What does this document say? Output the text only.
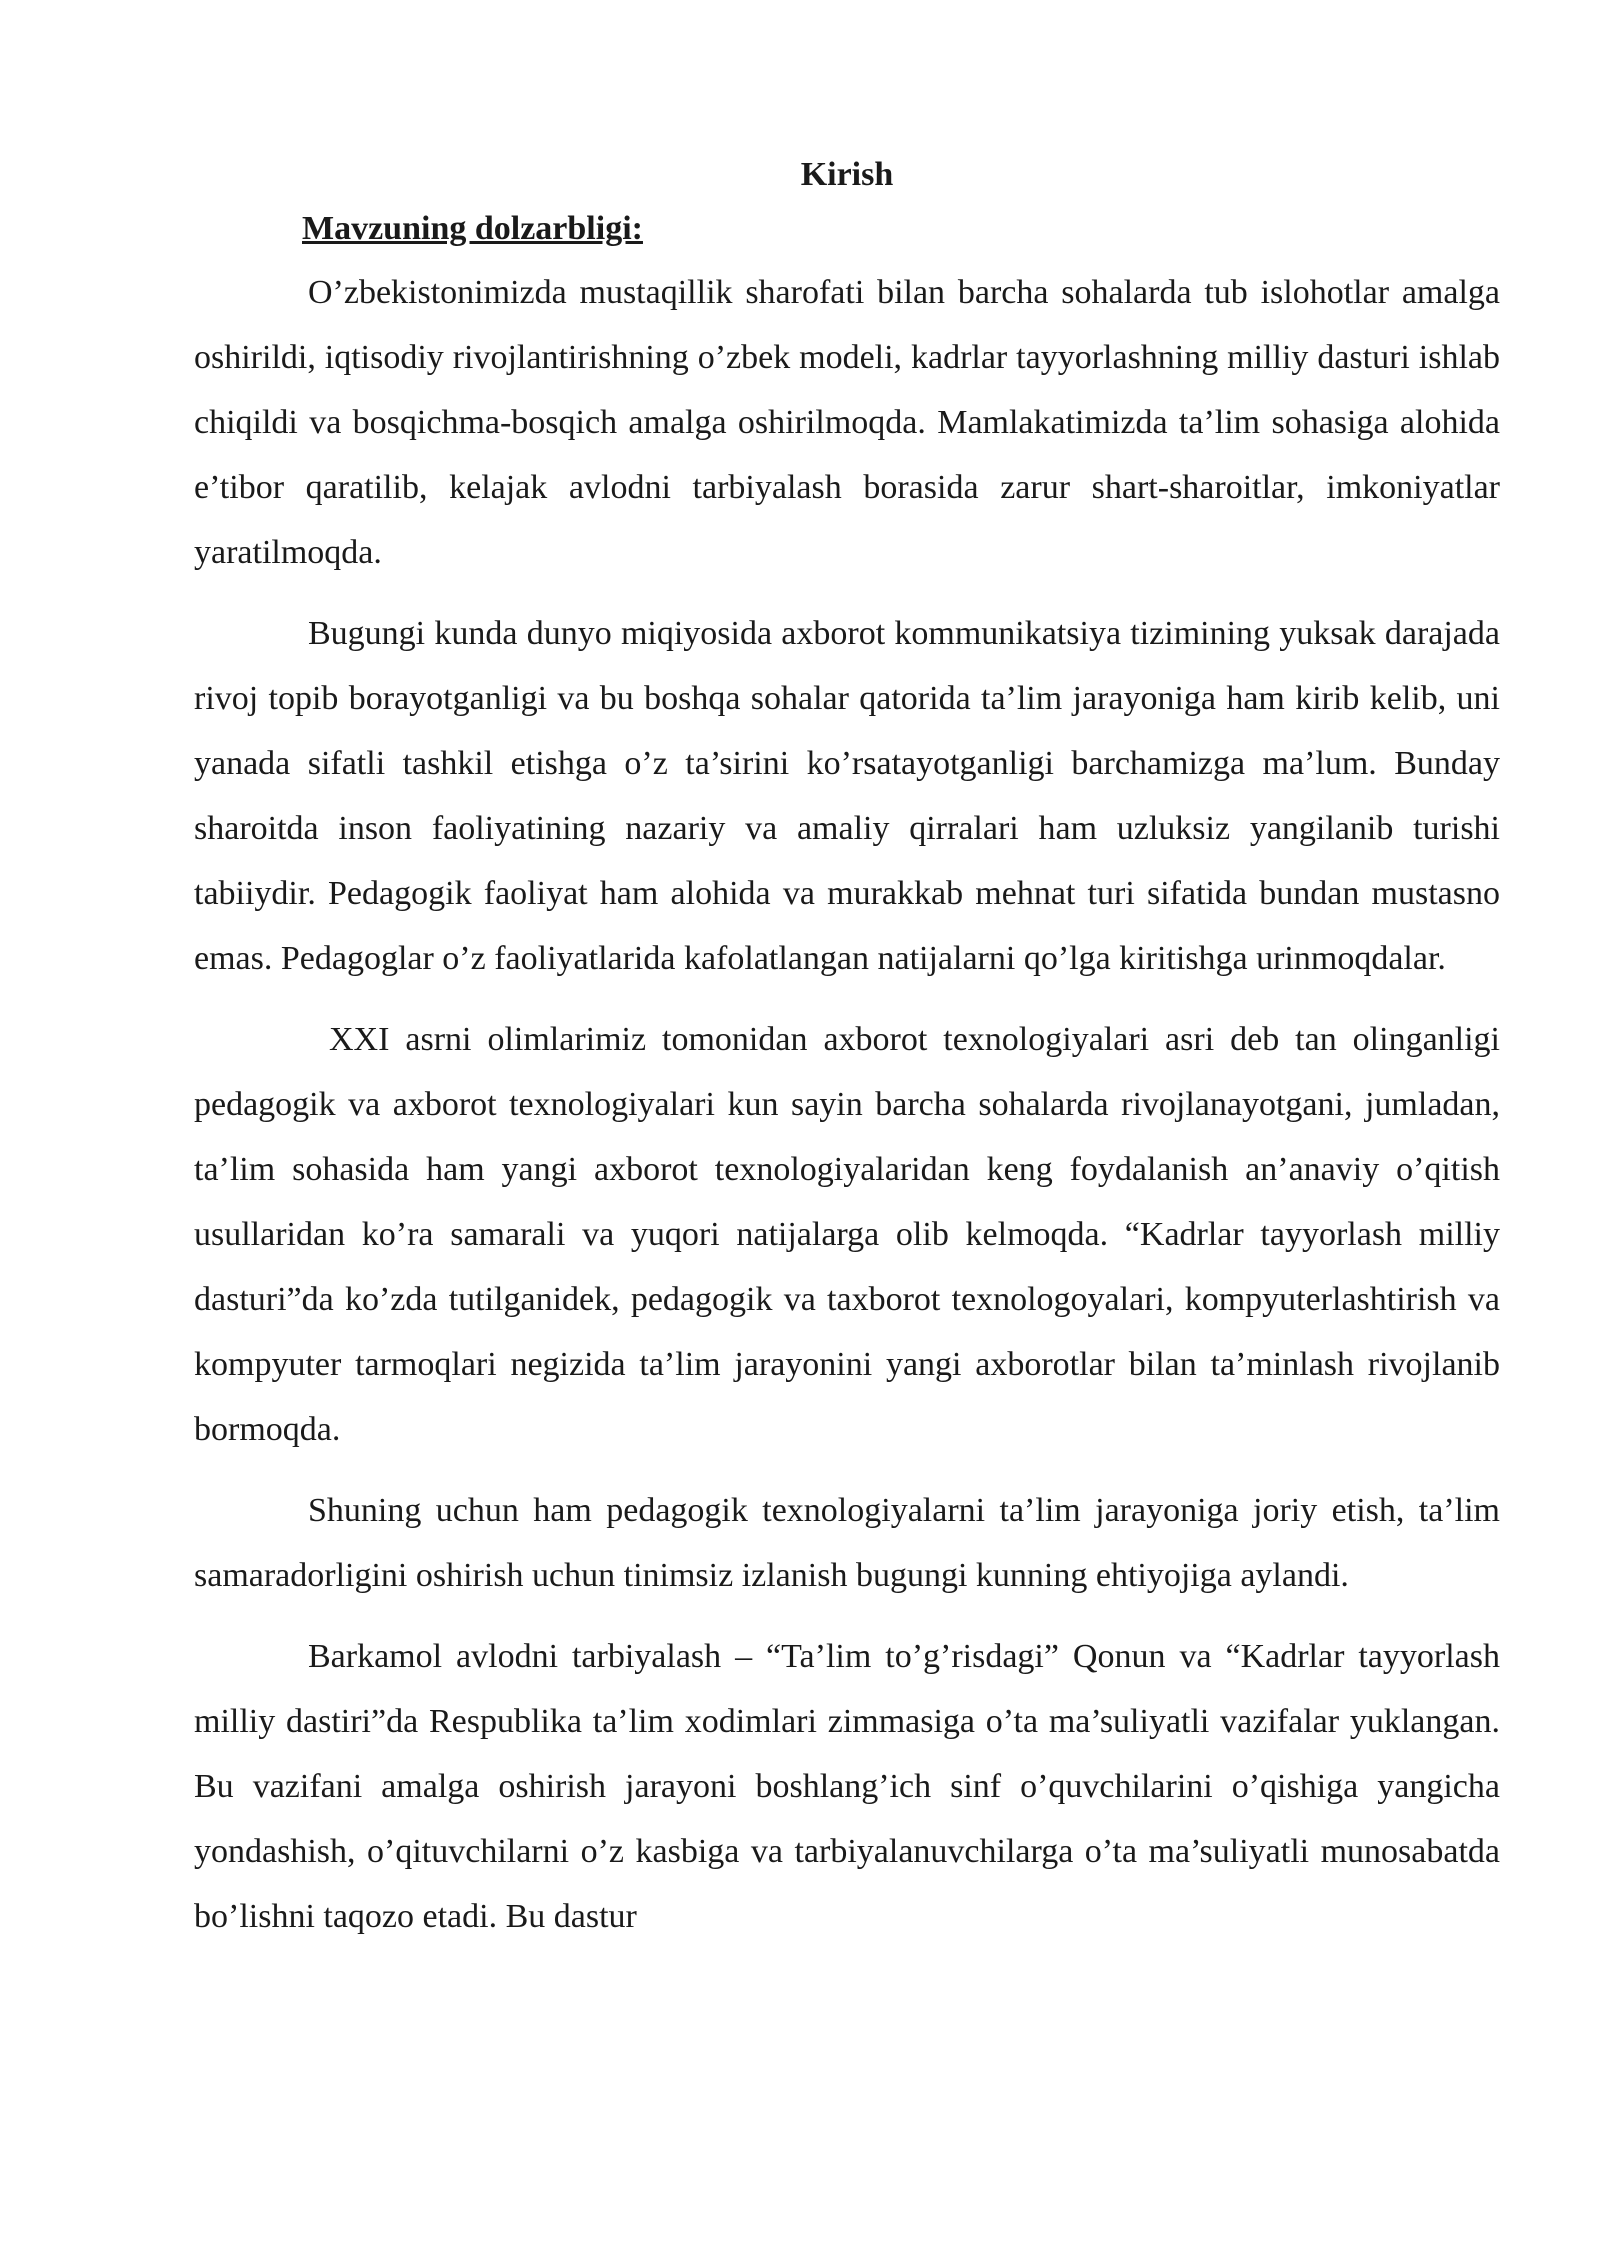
Kirish
Mavzuning dolzarbligi:

O’zbekistonimizda mustaqillik sharofati bilan barcha sohalarda tub islohotlar amalga oshirildi, iqtisodiy rivojlantirishning o’zbek modeli, kadrlar tayyorlashning milliy dasturi ishlab chiqildi va bosqichma-bosqich amalga oshirilmoqda. Mamlakatimizda ta’lim sohasiga alohida e’tibor qaratilib, kelajak avlodni tarbiyalash borasida zarur shart-sharoitlar, imkoniyatlar yaratilmoqda.

Bugungi kunda dunyo miqiyosida axborot kommunikatsiya tizimining yuksak darajada rivoj topib borayotganligi va bu boshqa sohalar qatorida ta’lim jarayoniga ham kirib kelib, uni yanada sifatli tashkil etishga o’z ta’sirini ko’rsatayotganligi barchamizga ma’lum. Bunday sharoitda inson faoliyatining nazariy va amaliy qirralari ham uzluksiz yangilanib turishi tabiiydir. Pedagogik faoliyat ham alohida va murakkab mehnat turi sifatida bundan mustasno emas. Pedagoglar o’z faoliyatlarida kafolatlangan natijalarni qo’lga kiritishga urinmoqdalar.

XXI asrni olimlarimiz tomonidan axborot texnologiyalari asri deb tan olinganligi pedagogik va axborot texnologiyalari kun sayin barcha sohalarda rivojlanayotgani, jumladan, ta’lim sohasida ham yangi axborot texnologiyalaridan keng foydalanish an’anaviy o’qitish usullaridan ko’ra samarali va yuqori natijalarga olib kelmoqda. “Kadrlar tayyorlash milliy dasturi”da ko’zda tutilganidek, pedagogik va taxborot texnologoyalari, kompyuterlashtirish va kompyuter tarmoqlari negizida ta’lim jarayonini yangi axborotlar bilan ta’minlash rivojlanib bormoqda.

Shuning uchun ham pedagogik texnologiyalarni ta’lim jarayoniga joriy etish, ta’lim samaradorligini oshirish uchun tinimsiz izlanish bugungi kunning ehtiyojiga aylandi.

Barkamol avlodni tarbiyalash – “Ta’lim to’g’risdagi” Qonun va “Kadrlar tayyorlash milliy dastiri”da Respublika ta’lim xodimlari zimmasiga o’ta ma’suliyatli vazifalar yuklangan. Bu vazifani amalga oshirish jarayoni boshlang’ich sinf o’quvchilarini o’qishiga yangicha yondashish, o’qituvchilarni o’z kasbiga va tarbiyalanuvchilarga o’ta ma’suliyatli munosabatda bo’lishni taqozo etadi. Bu dastur
